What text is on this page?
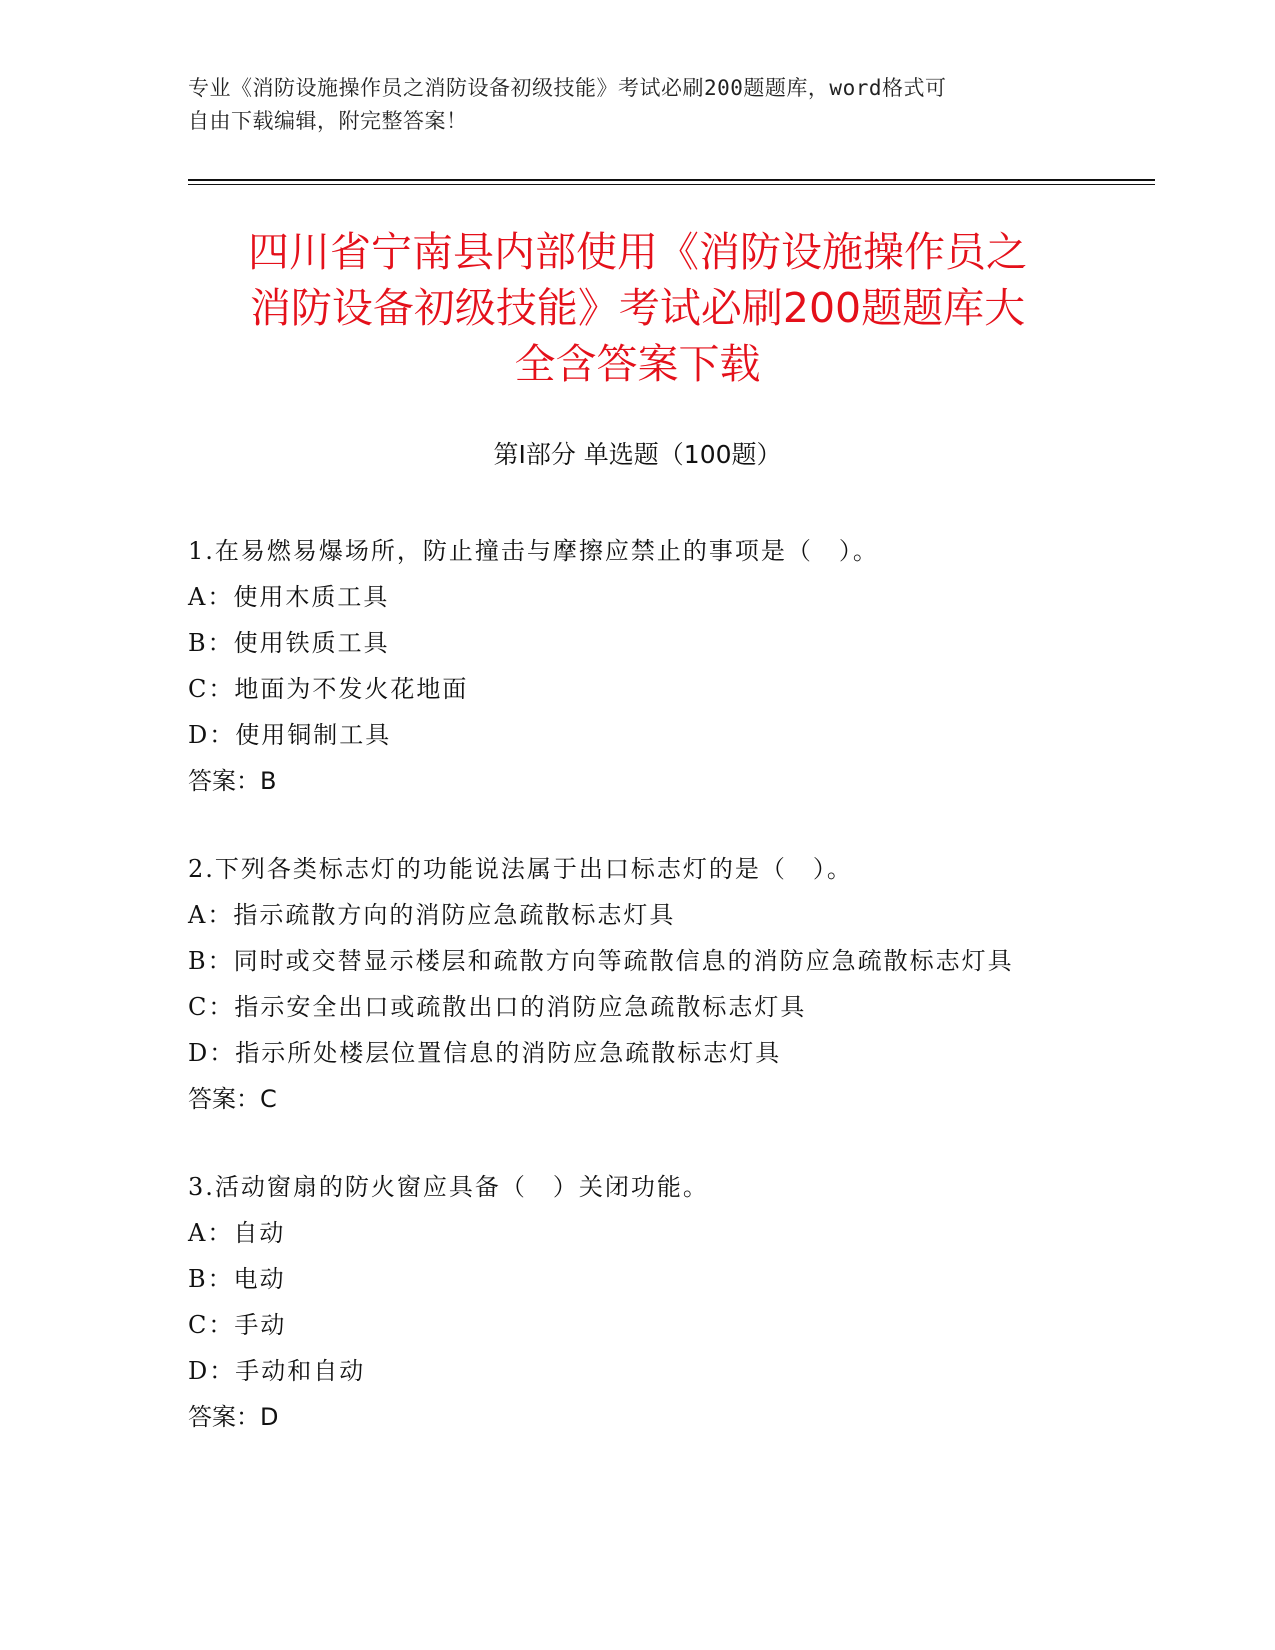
专业《消防设施操作员之消防设备初级技能》考试必刷200题题库，word格式可
自由下载编辑，附完整答案！
四川省宁南县内部使用《消防设施操作员之
消防设备初级技能》考试必刷200题题库大
全含答案下载
第Ⅰ部分 单选题（100题）
1.在易燃易爆场所，防止撞击与摩擦应禁止的事项是（　）。
A：使用木质工具
B：使用铁质工具
C：地面为不发火花地面
D：使用铜制工具
答案：B
2.下列各类标志灯的功能说法属于出口标志灯的是（　）。
A：指示疏散方向的消防应急疏散标志灯具
B：同时或交替显示楼层和疏散方向等疏散信息的消防应急疏散标志灯具
C：指示安全出口或疏散出口的消防应急疏散标志灯具
D：指示所处楼层位置信息的消防应急疏散标志灯具
答案：C
3.活动窗扇的防火窗应具备（　）关闭功能。
A：自动
B：电动
C：手动
D：手动和自动
答案：D
